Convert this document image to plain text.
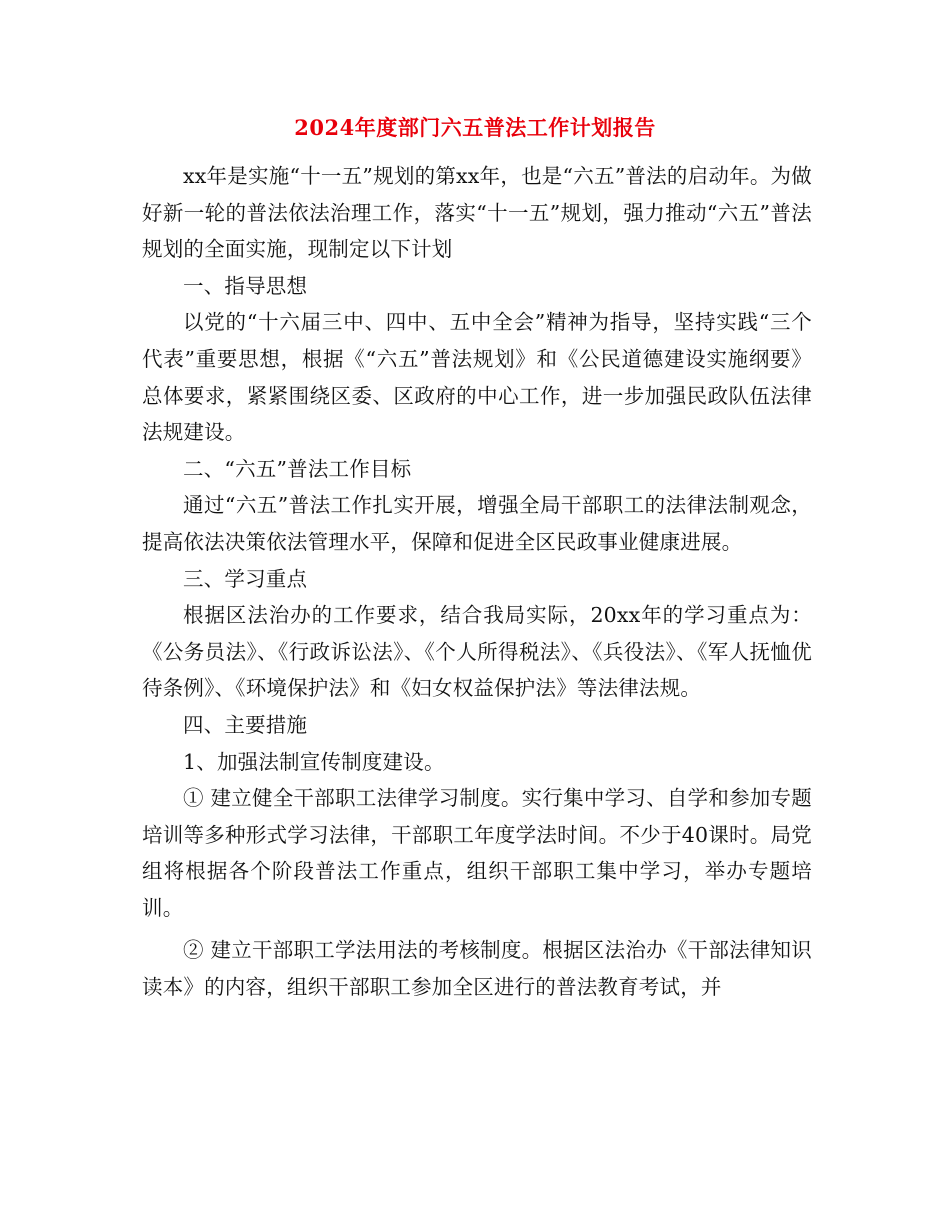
2024年度部门六五普法工作计划报告

xx年是实施“十一五”规划的第xx年，也是“六五”普法的启动年。为做好新一轮的普法依法治理工作，落实“十一五”规划，强力推动“六五”普法规划的全面实施，现制定以下计划

一、指导思想

以党的“十六届三中、四中、五中全会”精神为指导，坚持实践“三个代表”重要思想，根据《“六五”普法规划》和《公民道德建设实施纲要》总体要求，紧紧围绕区委、区政府的中心工作，进一步加强民政队伍法律法规建设。

二、“六五”普法工作目标

通过“六五”普法工作扎实开展，增强全局干部职工的法律法制观念，提高依法决策依法管理水平，保障和促进全区民政事业健康进展。

三、学习重点

根据区法治办的工作要求，结合我局实际，20xx年的学习重点为：《公务员法》、《行政诉讼法》、《个人所得税法》、《兵役法》、《军人抚恤优待条例》、《环境保护法》和《妇女权益保护法》等法律法规。

四、主要措施

1、加强法制宣传制度建设。

① 建立健全干部职工法律学习制度。实行集中学习、自学和参加专题培训等多种形式学习法律，干部职工年度学法时间。不少于40课时。局党组将根据各个阶段普法工作重点，组织干部职工集中学习，举办专题培训。

② 建立干部职工学法用法的考核制度。根据区法治办《干部法律知识读本》的内容，组织干部职工参加全区进行的普法教育考试，并
